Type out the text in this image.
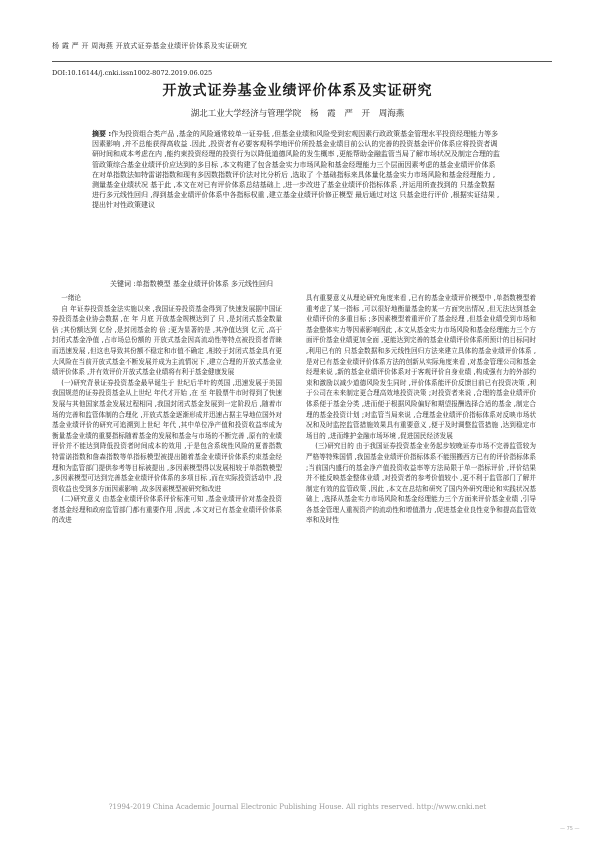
杨 霞 严 开 周海燕 开放式证券基金业绩评价体系及实证研究
DOI:10.16144/j.cnki.issn1002-8072.2019.06.025
开放式证券基金业绩评价体系及实证研究
湖北工业大学经济与管理学院 杨 霞 严 开 周海燕
摘要 :作为投资组合类产品 ,基金的风险通常较单一证券低 ,但基金业绩和风险受到宏观因素行政政策基金管理水平投资经理能力等多因素影响 ,并不总能获得高收益 .因此 ,投资者有必要客观科学地评价所投基金业绩目前公认的完善的投资基金评价体系应将投资者调研时间和成本考虑在内 ,能约束投资经理的投资行为以降低道德风险的发生概率 ,更能帮助金融监管当局了解市场状况及制定合理的监管政策综合基金业绩评价应达到的多目标 ,本文构建了包含基金实力市场风险和基金经理能力三个层面因素考虑的基金业绩评价体系 在对单指数法如特雷诺指数和现有多因数指数评价法对比分析后 ,选取了 个基础指标来具体量化基金实力市场风险和基金经理能力 ,测量基金业绩状况 基于此 ,本文在对已有评价体系总结基础上 ,进一步改进了基金业绩评价指标体系 ,并运用所查找到的 只基金数据进行多元线性回归 ,得到基金业绩评价体系中各指标权重 ,建立基金业绩评价修正模型 最后通过对这 只基金进行评价 ,根据实证结果 ,提出针对性政策建议
关键词 :单指数模型 基金业绩评价体系 多元线性回归

一绪论

自 年证券投资基金法实施以来 ,我国证券投资基金得到了快速发展据中国证券投资基金业协会数据 ,在 年 月底 开放基金规模达到了 只 ,是封闭式基金数量 倍 ;其份额达到 亿份 ,是封闭基金的 倍 ;更为显著的是 ,其净值达到 亿元 ,高于封闭式基金净值 ,占市场总份额的 开放式基金因高流动性等特点被投资者青睐而迅速发展 ,但这也导致其份额不稳定和市值不确定 ,相较于封闭式基金具有更大风险在当前开放式基金不断发展并成为主流情况下 ,建立合理的开放式基金业绩评价体系 ,并有效评价开放式基金业绩将有利于基金健康发展

(一)研究背景证券投资基金最早诞生于 世纪后半叶的英国 ,迅速发展于美国我国规范的证券投资基金从上世纪 年代才开始 ,在 至 年股票牛市时得到了快速发展与其他国家基金发展过程相同 ,我国封闭式基金发展到一定阶段后 ,随着市场的完善和监管体制的合理化 ,开放式基金逐渐形成并迅速占据主导地位国外对基金业绩评价的研究可追溯到上世纪 年代 ,其中单位净产值和投资收益率成为衡量基金业绩的重要指标随着基金的发展和基金与市场的不断完善 ,原有的业绩评价并不能达到降低投资者时间成本的效用 ,于是包含系统性风险的夏普指数 特雷诺指数和詹森指数等单指标模型被提出随着基金业绩评价体系约束基金经理和为监管部门提供参考等目标被提出 ,多因素模型得以发展相较于单指数模型 ,多因素模型可达到完善基金业绩评价体系的多项目标 ,而在实际投资活动中 ,投资收益也受到多方面因素影响 ,故多因素模型被研究和改进

(二)研究意义 由基金业绩评价体系评价标准可知 ,基金业绩评价对基金投资者基金经理和政府监管部门都有重要作用 ,因此 ,本文对已有基金业绩评价体系的改进

具有重要意义从理论研究角度来看 ,已有的基金业绩评价模型中 ,单指数模型着重考虑了某一指标 ,可以很好地衡量基金的某一方面突出情况 ,但无法达到基金业绩评价的多重目标 ;多因素模型着重评价了基金经理 ,但基金业绩受到市场和基金整体实力等因素影响因此 ,本文从基金实力市场风险和基金经理能力三个方面评价基金业绩更加全面 ,更能达到完善的基金业绩评价体系所预计的目标同时 ,利用已有的 只基金数据和多元线性回归方法来建立具体的基金业绩评价体系 ,是对已有基金业绩评价体系方法的创新从实际角度来看 ,对基金管理公司和基金经理来说 ,新的基金业绩评价体系对于客观评价自身业绩 ,构成强有力的外部约束和激励以减少道德风险发生同时 ,评价体系能评价反馈目前已有投资决策 ,利于公司在未来制定更合理高效地投资决策 ;对投资者来说 ,合理的基金业绩评价体系便于基金分类 ,进而便于根据风险偏好和期望报酬选择合适的基金 ,制定合理的基金投资计划 ;对监管当局来说 ,合理基金业绩评价指标体系对反映市场状况和及时监控监管措施效果具有重要意义 ,便于及时调整监管措施 ,达到稳定市场目的 ,进而维护金融市场环境 ,促进国民经济发展

(三)研究目的 由于我国证券投资基金业务起步较晚证券市场不完善监管较为严格等特殊国情 ,我国基金业绩评价指标体系不能照搬西方已有的评价指标体系 ;当前国内盛行的基金净产值投资收益率等方法局限于单一指标评价 ,评价结果并不能反映基金整体业绩 ,对投资者的参考价值较小 ,更不利于监管部门了解并制定有效的监管政策 ,因此 ,本文在总结和研究了国内外研究理论和实践状况基础上 ,选择从基金实力市场风险和基金经理能力三个方面来评价基金业绩 ,引导各基金管理人重视资产的流动性和增值潜力 ,促进基金业良性竞争和提高监管效率和及时性

?1994-2019 China Academic Journal Electronic Publishing House. All rights reserved. http://www.cnki.net
— 75 —
